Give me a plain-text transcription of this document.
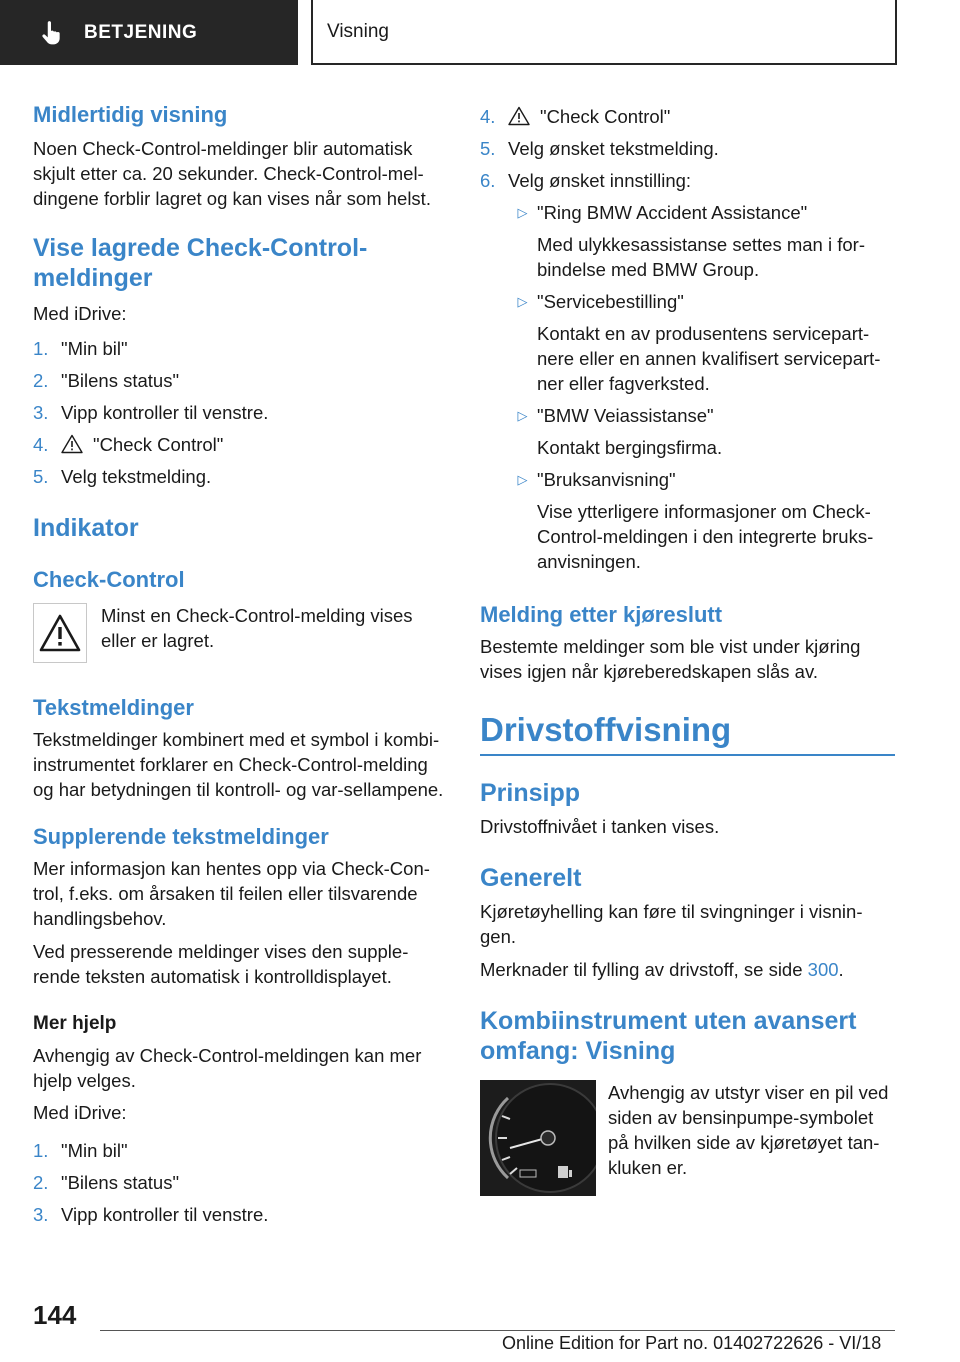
BETJENING	Visning
Midlertidig visning

Noen Check-Control-meldinger blir automatisk skjult etter ca. 20 sekunder. Check-Control-mel-dingene forblir lagret og kan vises når som helst.

Vise lagrede Check-Control-meldinger

Med iDrive:

1. "Min bil"
2. "Bilens status"
3. Vipp kontroller til venstre.
4.	"Check Control"
5. Velg tekstmelding.
Indikator
Check-Control

Minst en Check-Control-melding vises eller er lagret.

Tekstmeldinger

Tekstmeldinger kombinert med et symbol i kombi-instrumentet forklarer en Check-Control-melding og har betydningen til kontroll- og var-sellampene.

Supplerende tekstmeldinger

Mer informasjon kan hentes opp via Check-Con-trol, f.eks. om årsaken til feilen eller tilsvarende handlingsbehov.

Ved presserende meldinger vises den supple-rende teksten automatisk i kontrolldisplayet.

Mer hjelp

Avhengig av Check-Control-meldingen kan mer hjelp velges.

Med iDrive:

1. "Min bil"
2. "Bilens status"
3. Vipp kontroller til venstre.
4.	"Check Control"
5. Velg ønsket tekstmelding.
6. Velg ønsket innstilling:
▷ "Ring BMW Accident Assistance"

Med ulykkesassistanse settes man i for-bindelse med BMW Group.

▷ "Servicebestilling"

Kontakt en av produsentens servicepart-nere eller en annen kvalifisert servicepart-ner eller fagverksted.

▷ "BMW Veiassistanse"

Kontakt bergingsfirma.

▷ "Bruksanvisning"

Vise ytterligere informasjoner om Check-Control-meldingen i den integrerte bruks-anvisningen.

Melding etter kjøreslutt

Bestemte meldinger som ble vist under kjøring vises igjen når kjøreberedskapen slås av.

Drivstoffvisning
Prinsipp

Drivstoffnivået i tanken vises.

Generelt

Kjøretøyhelling kan føre til svingninger i visnin-gen.

Merknader til fylling av drivstoff, se side 300.

Kombiinstrument uten avansert omfang: Visning

Avhengig av utstyr viser en pil ved siden av bensinpumpe-symbolet på hvilken side av kjøretøyet tan-kluken er.

144
Online Edition for Part no. 01402722626 - VI/18
